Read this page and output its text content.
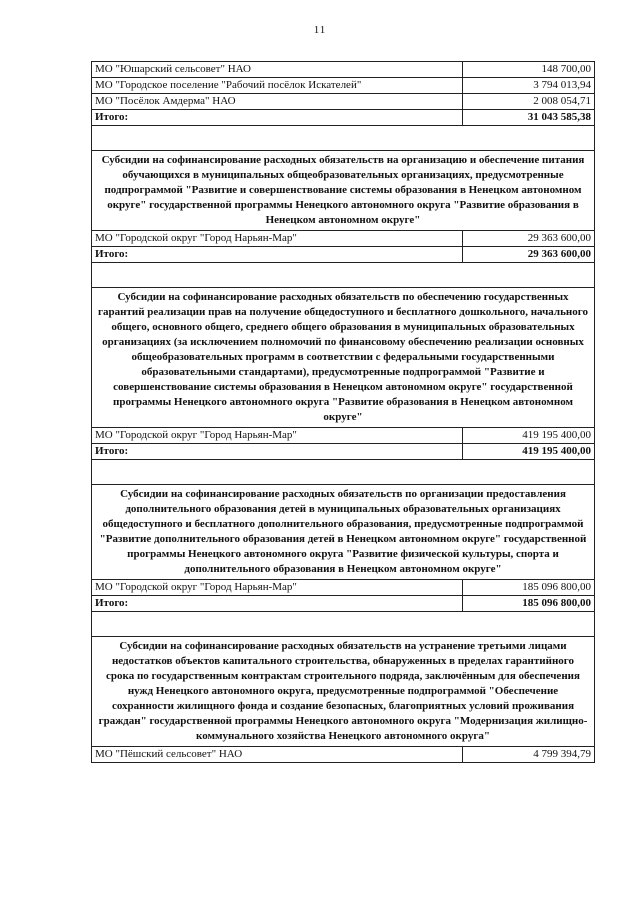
11
МО "Юшарский сельсовет" НАО	148 700,00
МО "Городское поселение "Рабочий посёлок Искателей"	3 794 013,94
МО "Посёлок Амдерма" НАО	2 008 054,71
Итого:	31 043 585,38
Субсидии на софинансирование расходных обязательств на организацию и обеспечение питания обучающихся в муниципальных общеобразовательных организациях, предусмотренные подпрограммой "Развитие и совершенствование системы образования в Ненецком автономном округе" государственной программы Ненецкого автономного округа "Развитие образования в Ненецком автономном округе"
МО "Городской округ "Город Нарьян-Мар"	29 363 600,00
Итого:	29 363 600,00
Субсидии на софинансирование расходных обязательств по обеспечению государственных гарантий реализации прав на получение общедоступного и бесплатного дошкольного, начального общего, основного общего, среднего общего образования в муниципальных образовательных организациях (за исключением полномочий по финансовому обеспечению реализации основных общеобразовательных программ в соответствии с федеральными государственными образовательными стандартами), предусмотренные подпрограммой "Развитие и совершенствование системы образования в Ненецком автономном округе" государственной программы Ненецкого автономного округа "Развитие образования в Ненецком автономном округе"
МО "Городской округ "Город Нарьян-Мар"	419 195 400,00
Итого:	419 195 400,00
Субсидии на софинансирование расходных обязательств по организации предоставления дополнительного образования детей в муниципальных образовательных организациях общедоступного и бесплатного дополнительного образования, предусмотренные подпрограммой "Развитие дополнительного образования детей в Ненецком автономном округе" государственной программы Ненецкого автономного округа "Развитие физической культуры, спорта и дополнительного образования в Ненецком автономном округе"
МО "Городской округ "Город Нарьян-Мар"	185 096 800,00
Итого:	185 096 800,00
Субсидии на софинансирование расходных обязательств на устранение третьими лицами недостатков объектов капитального строительства, обнаруженных в пределах гарантийного срока по государственным контрактам строительного подряда, заключённым для обеспечения нужд Ненецкого автономного округа, предусмотренные подпрограммой "Обеспечение сохранности жилищного фонда и создание безопасных, благоприятных условий проживания граждан" государственной программы Ненецкого автономного округа "Модернизация жилищно-коммунального хозяйства Ненецкого автономного округа"
МО "Пёшский сельсовет" НАО	4 799 394,79
